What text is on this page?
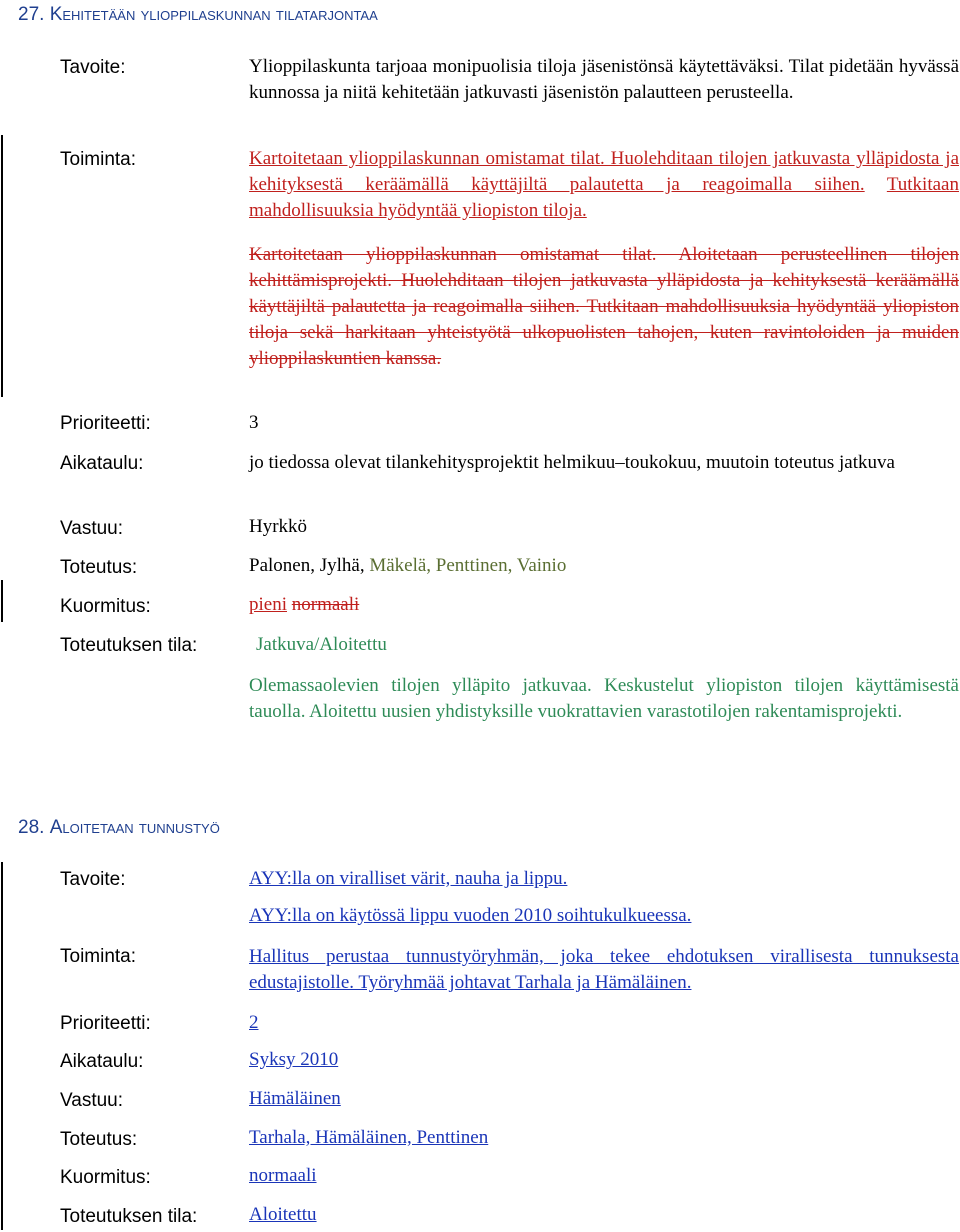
27. Kehitetään ylioppilaskunnan tilatarjontaa
Tavoite:	Ylioppilaskunta tarjoaa monipuolisia tiloja jäsenistönsä käytettäväksi. Tilat pidetään hyvässä kunnossa ja niitä kehitetään jatkuvasti jäsenistön palautteen perusteella.

Toiminta:	Kartoitetaan ylioppilaskunnan omistamat tilat. Huolehditaan tilojen jatkuvasta ylläpidosta ja kehityksestä keräämällä käyttäjiltä palautetta ja reagoimalla siihen. Tutkitaan mahdollisuuksia hyödyntää yliopiston tiloja.

Kartoitetaan ylioppilaskunnan omistamat tilat. Aloitetaan perusteellinen tilojen kehittämisprojekti. Huolehditaan tilojen jatkuvasta ylläpidosta ja kehityksestä keräämällä käyttäjiltä palautetta ja reagoimalla siihen. Tutkitaan mahdollisuuksia hyödyntää yliopiston tiloja sekä harkitaan yhteistyötä ulkopuolisten tahojen, kuten ravintoloiden ja muiden ylioppilaskuntien kanssa.

Prioriteetti:	3
Aikataulu:	jo tiedossa olevat tilankehitysprojektit helmikuu–toukokuu, muutoin toteutus jatkuva

Vastuu:	Hyrkkö
Toteutus:	Palonen, Jylhä, Mäkelä, Penttinen, Vainio
Kuormitus:	pieni normaali
Toteutuksen tila:	Jatkuva/Aloitettu

Olemassaolevien tilojen ylläpito jatkuvaa. Keskustelut yliopiston tilojen käyttämisestä tauolla. Aloitettu uusien yhdistyksille vuokrattavien varastotilojen rakentamisprojekti.

28. Aloitetaan tunnustyö
Tavoite:	AYY:lla on viralliset värit, nauha ja lippu.
AYY:lla on käytössä lippu vuoden 2010 soihtukulkueessa.
Toiminta:	Hallitus perustaa tunnustyöryhmän, joka tekee ehdotuksen virallisesta tunnuksesta edustajistolle. Työryhmää johtavat Tarhala ja Hämäläinen.

Prioriteetti:	2
Aikataulu:	Syksy 2010
Vastuu:	Hämäläinen
Toteutus:	Tarhala, Hämäläinen, Penttinen
Kuormitus:	normaali
Toteutuksen tila:	Aloitettu
